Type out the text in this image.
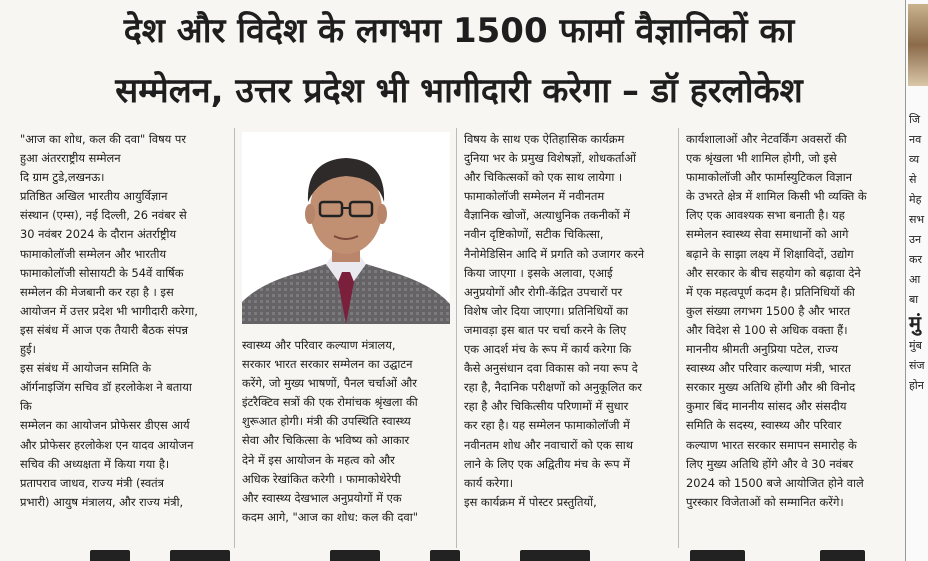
देश और विदेश के लगभग 1500 फार्मा वैज्ञानिकों का
सम्मेलन, उत्तर प्रदेश भी भागीदारी करेगा – डॉ हरलोकेश
"आज का शोध, कल की दवा" विषय पर
हुआ अंतरराष्ट्रीय सम्मेलन
दि ग्राम टुडे,लखनऊ।
प्रतिष्ठित अखिल भारतीय आयुर्विज्ञान
संस्थान (एम्स), नई दिल्ली, 26 नवंबर से
30 नवंबर 2024 के दौरान अंतर्राष्ट्रीय
फामाकोलॉजी सम्मेलन और भारतीय
फामाकोलॉजी सोसायटी के 54वें वार्षिक
सम्मेलन की मेजबानी कर रहा है । इस
आयोजन में उत्तर प्रदेश भी भागीदारी करेगा,
इस संबंध में आज एक तैयारी बैठक संपन्न
हुई।
इस संबंध में आयोजन समिति के
ऑर्गनाइजिंग सचिव डॉ हरलोकेश ने बताया
कि
सम्मेलन का आयोजन प्रोफेसर डीएस आर्य
और प्रोफेसर हरलोकेश एन यादव आयोजन
सचिव की अध्यक्षता में किया गया है।
प्रतापराव जाधव, राज्य मंत्री (स्वतंत्र
प्रभारी) आयुष मंत्रालय, और राज्य मंत्री,
स्वास्थ्य और परिवार कल्याण मंत्रालय,
सरकार भारत सरकार सम्मेलन का उद्घाटन
करेंगे, जो मुख्य भाषणों, पैनल चर्चाओं और
इंटरैक्टिव सत्रों की एक रोमांचक श्रृंखला की
शुरूआत होगी। मंत्री की उपस्थिति स्वास्थ्य
सेवा और चिकित्सा के भविष्य को आकार
देने में इस आयोजन के महत्व को और
अधिक रेखांकित करेगी । फामाकोथेरेपी
और स्वास्थ्य देखभाल अनुप्रयोगों में एक
कदम आगे, "आज का शोध: कल की दवा"
विषय के साथ एक ऐतिहासिक कार्यक्रम
दुनिया भर के प्रमुख विशेषज्ञों, शोधकर्ताओं
और चिकित्सकों को एक साथ लायेगा ।
फामाकोलॉजी सम्मेलन में नवीनतम
वैज्ञानिक खोजों, अत्याधुनिक तकनीकों में
नवीन दृष्टिकोणों, सटीक चिकित्सा,
नैनोमेडिसिन आदि में प्रगति को उजागर करने
किया जाएगा । इसके अलावा, एआई
अनुप्रयोगों और रोगी-केंद्रित उपचारों पर
विशेष जोर दिया जाएगा। प्रतिनिधियों का
जमावड़ा इस बात पर चर्चा करने के लिए
एक आदर्श मंच के रूप में कार्य करेगा कि
कैसे अनुसंधान दवा विकास को नया रूप दे
रहा है, नैदानिक परीक्षणों को अनुकूलित कर
रहा है और चिकित्सीय परिणामों में सुधार
कर रहा है। यह सम्मेलन फामाकोलॉजी में
नवीनतम शोध और नवाचारों को एक साथ
लाने के लिए एक अद्वितीय मंच के रूप में
कार्य करेगा।
इस कार्यक्रम में पोस्टर प्रस्तुतियों,
कार्यशालाओं और नेटवर्किंग अवसरों की
एक श्रृंखला भी शामिल होगी, जो इसे
फामाकोलॉजी और फार्मास्युटिकल विज्ञान
के उभरते क्षेत्र में शामिल किसी भी व्यक्ति के
लिए एक आवश्यक सभा बनाती है। यह
सम्मेलन स्वास्थ्य सेवा समाधानों को आगे
बढ़ाने के साझा लक्ष्य में शिक्षाविदों, उद्योग
और सरकार के बीच सहयोग को बढ़ावा देने
में एक महत्वपूर्ण कदम है। प्रतिनिधियों की
कुल संख्या लगभग 1500 है और भारत
और विदेश से 100 से अधिक वक्ता हैं।
माननीय श्रीमती अनुप्रिया पटेल, राज्य
स्वास्थ्य और परिवार कल्याण मंत्री, भारत
सरकार मुख्य अतिथि होंगी और श्री विनोद
कुमार बिंद माननीय सांसद और संसदीय
समिति के सदस्य, स्वास्थ्य और परिवार
कल्याण भारत सरकार समापन समारोह के
लिए मुख्य अतिथि होंगे और वे 30 नवंबर
2024 को 1500 बजे आयोजित होने वाले
पुरस्कार विजेताओं को सम्मानित करेंगे।
जि
नव
व्य
से
मेह
सभ
उन
कर
आ
बा
मुं
मुंब
संज
होन
